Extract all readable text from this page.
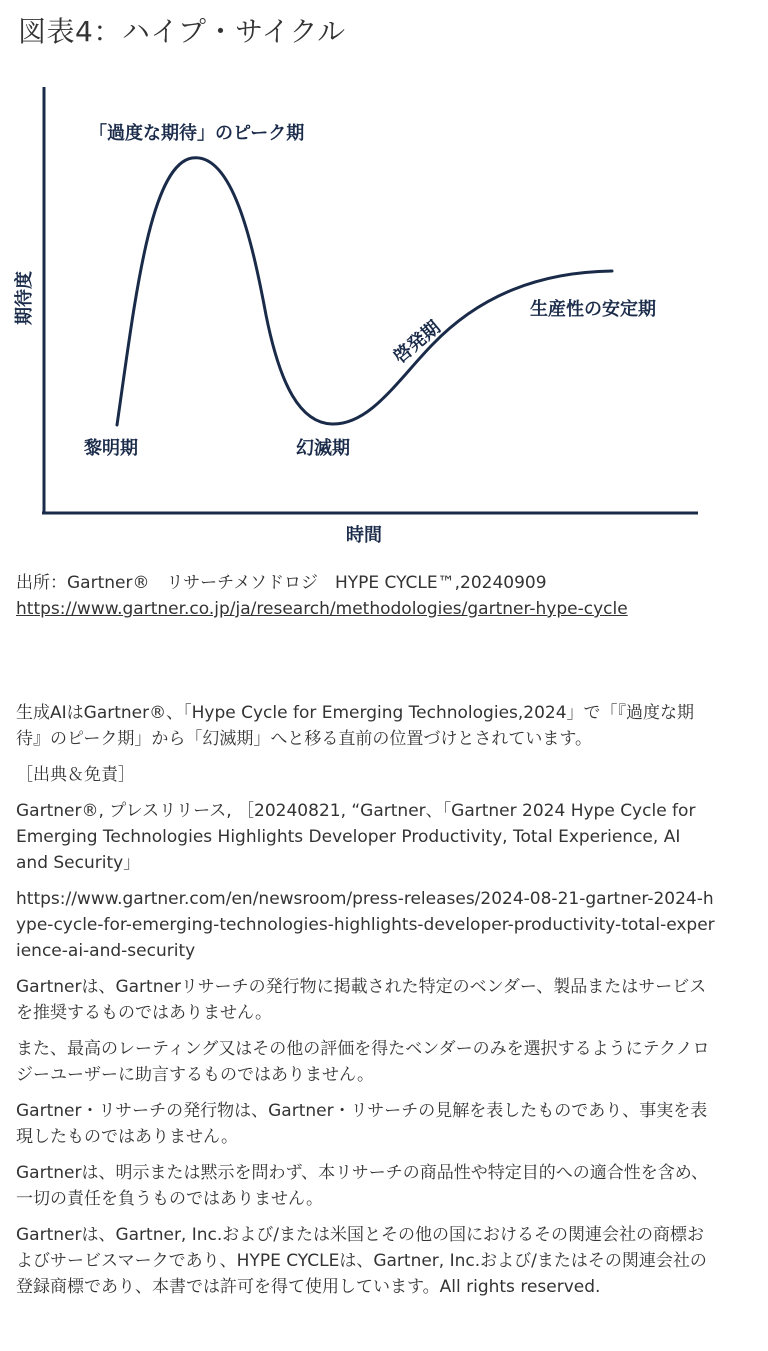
図表4：ハイプ・サイクル
期待度
時間
「過度な期待」のピーク期
黎明期	幻滅期
啓発期
生産性の安定期
出所：Gartner®　リサーチメソドロジ　HYPE CYCLE™,20240909
https://www.gartner.co.jp/ja/research/methodologies/gartner-hype-cycle

生成AIはGartner®、「Hype Cycle for Emerging Technologies,2024」で「『過度な期待』のピーク期」から「幻滅期」へと移る直前の位置づけとされています。

［出典＆免責］

Gartner®, プレスリリース, ［20240821, “Gartner、「Gartner 2024 Hype Cycle for Emerging Technologies Highlights Developer Productivity, Total Experience, AI and Security」

https://www.gartner.com/en/newsroom/press-releases/2024-08-21-gartner-2024-hype-cycle-for-emerging-technologies-highlights-developer-productivity-total-experience-ai-and-security

Gartnerは、Gartnerリサーチの発行物に掲載された特定のベンダー、製品またはサービスを推奨するものではありません。

また、最高のレーティング又はその他の評価を得たベンダーのみを選択するようにテクノロジーユーザーに助言するものではありません。

Gartner・リサーチの発行物は、Gartner・リサーチの見解を表したものであり、事実を表現したものではありません。

Gartnerは、明示または黙示を問わず、本リサーチの商品性や特定目的への適合性を含め、一切の責任を負うものではありません。

Gartnerは、Gartner, Inc.および/または米国とその他の国におけるその関連会社の商標およびサービスマークであり、HYPE CYCLEは、Gartner, Inc.および/またはその関連会社の登録商標であり、本書では許可を得て使用しています。All rights reserved.
